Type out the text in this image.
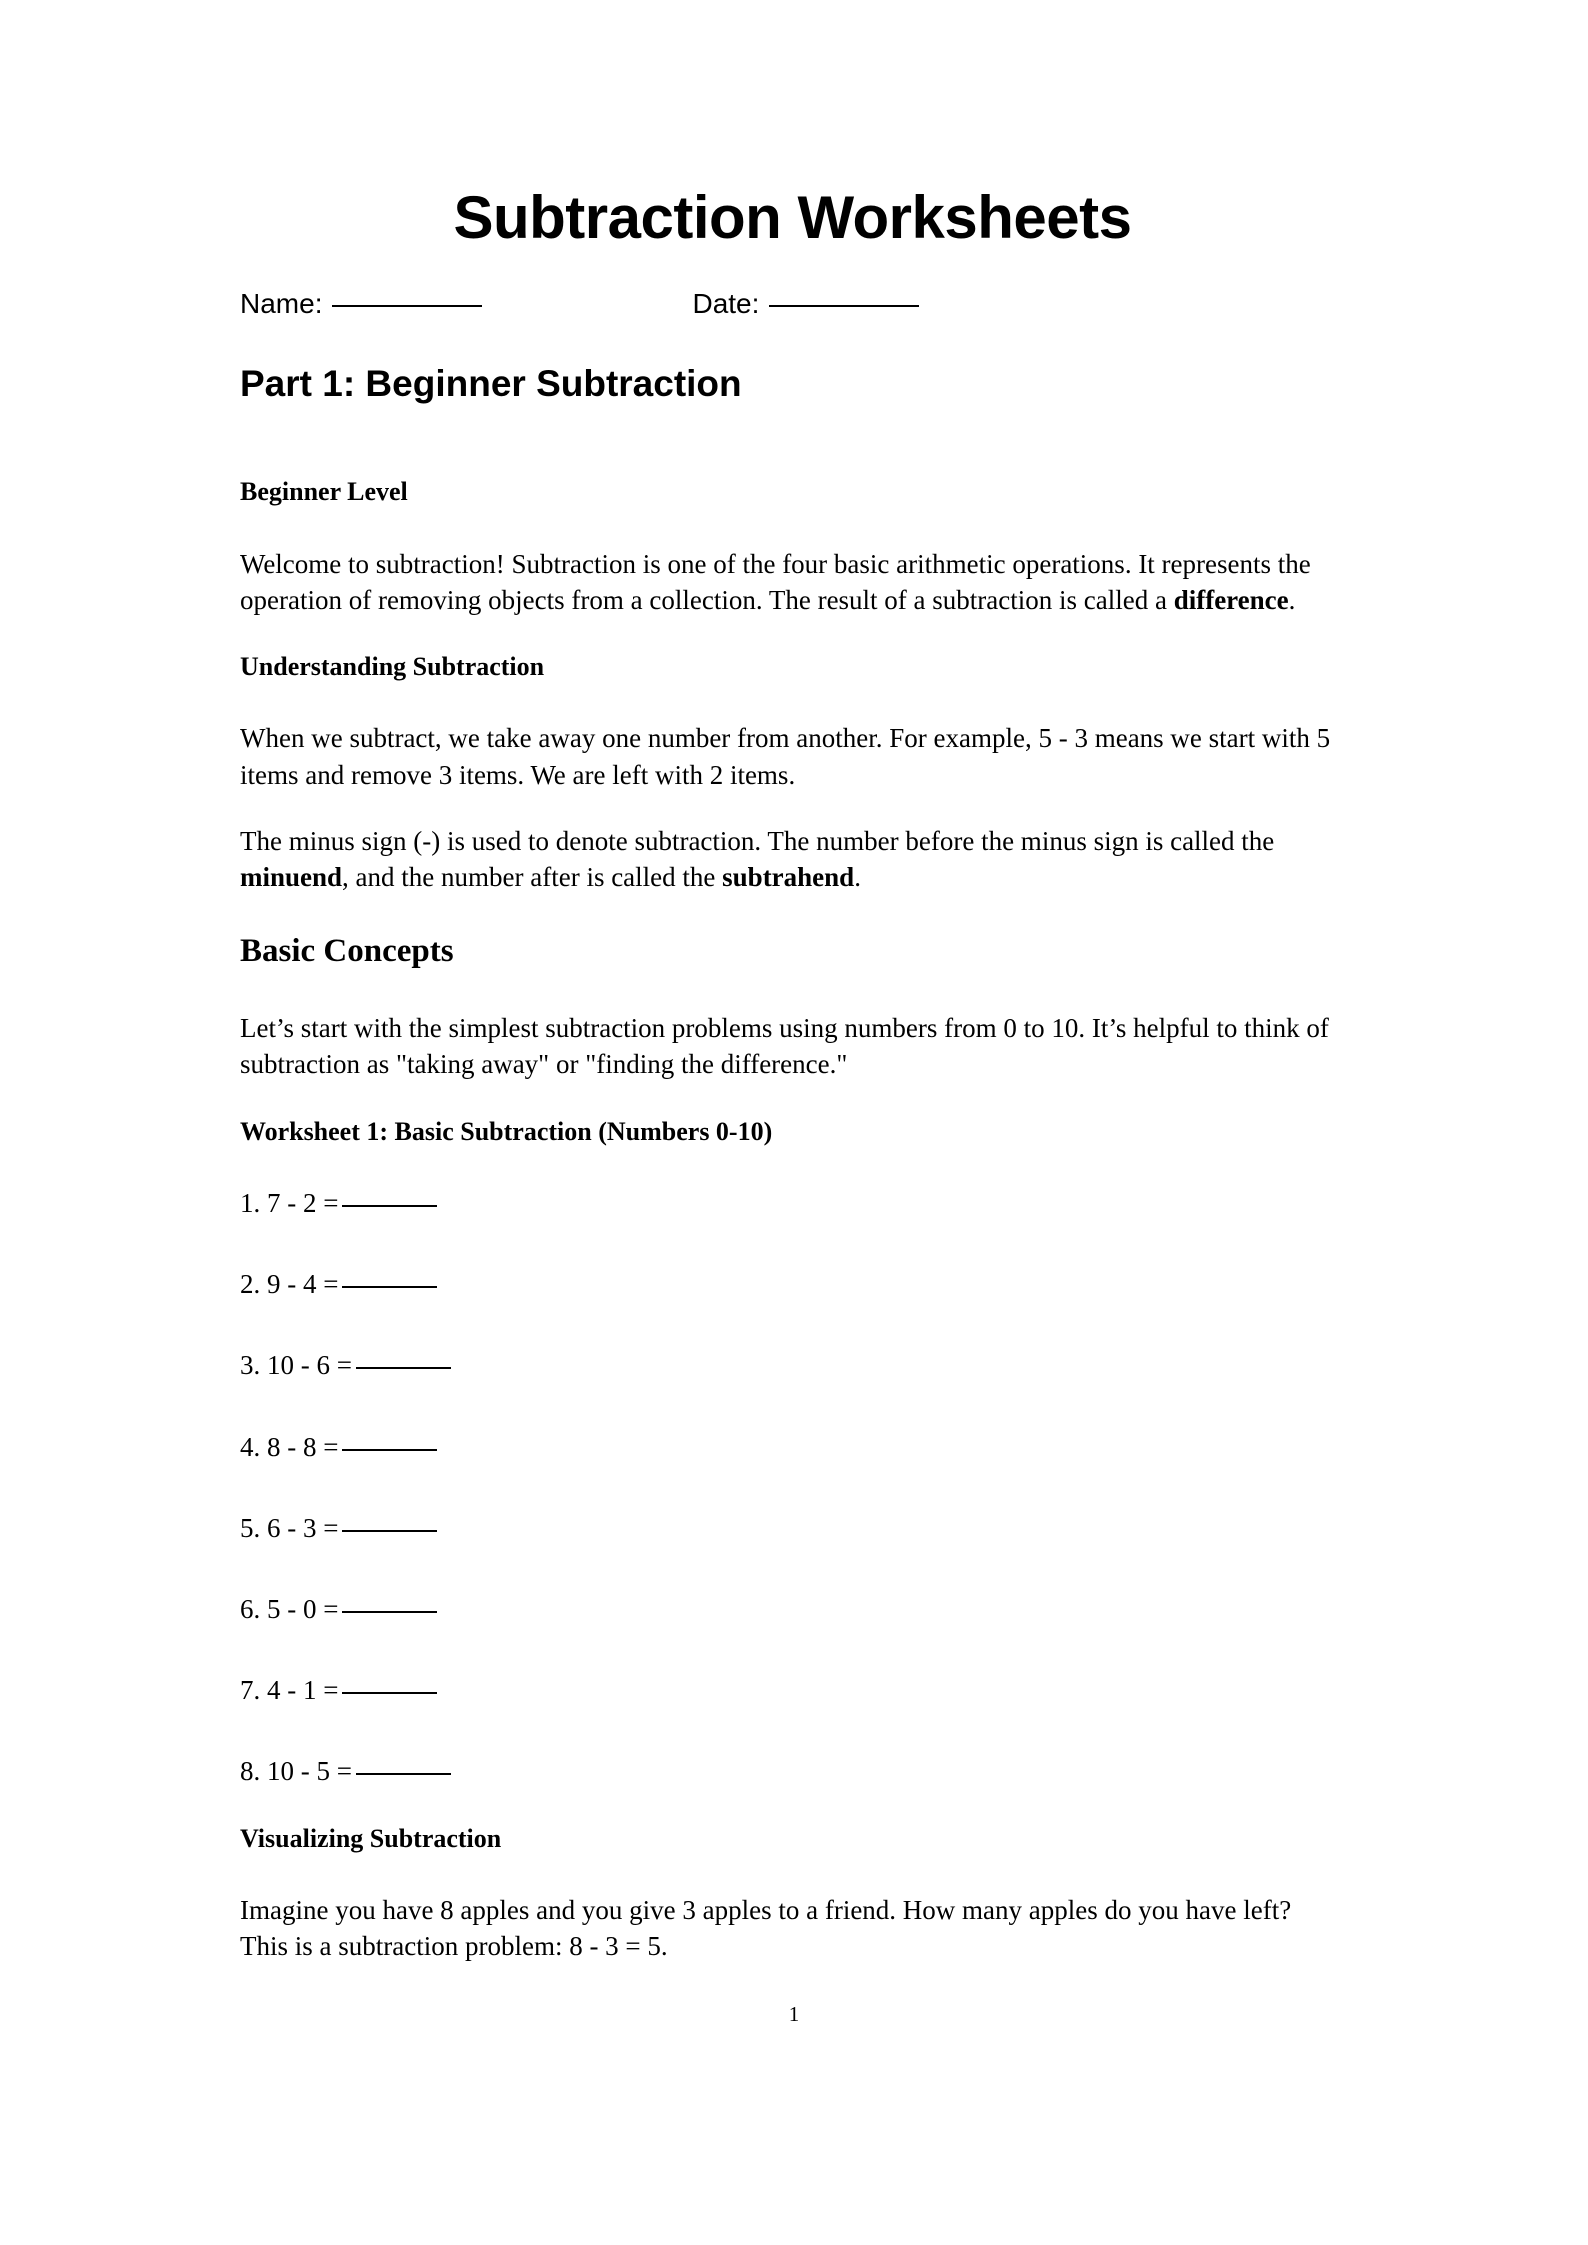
Subtraction Worksheets
Name:	Date:
Part 1: Beginner Subtraction
Beginner Level

Welcome to subtraction! Subtraction is one of the four basic arithmetic operations. It represents the operation of removing objects from a collection. The result of a subtraction is called a difference.

Understanding Subtraction

When we subtract, we take away one number from another. For example, 5 - 3 means we start with 5 items and remove 3 items. We are left with 2 items.

The minus sign (-) is used to denote subtraction. The number before the minus sign is called the minuend, and the number after is called the subtrahend.

Basic Concepts

Let’s start with the simplest subtraction problems using numbers from 0 to 10. It’s helpful to think of subtraction as "taking away" or "finding the difference."

Worksheet 1: Basic Subtraction (Numbers 0-10)
1. 7 - 2 =
2. 9 - 4 =
3. 10 - 6 =
4. 8 - 8 =
5. 6 - 3 =
6. 5 - 0 =
7. 4 - 1 =
8. 10 - 5 =
Visualizing Subtraction

Imagine you have 8 apples and you give 3 apples to a friend. How many apples do you have left? This is a subtraction problem: 8 - 3 = 5.

1
